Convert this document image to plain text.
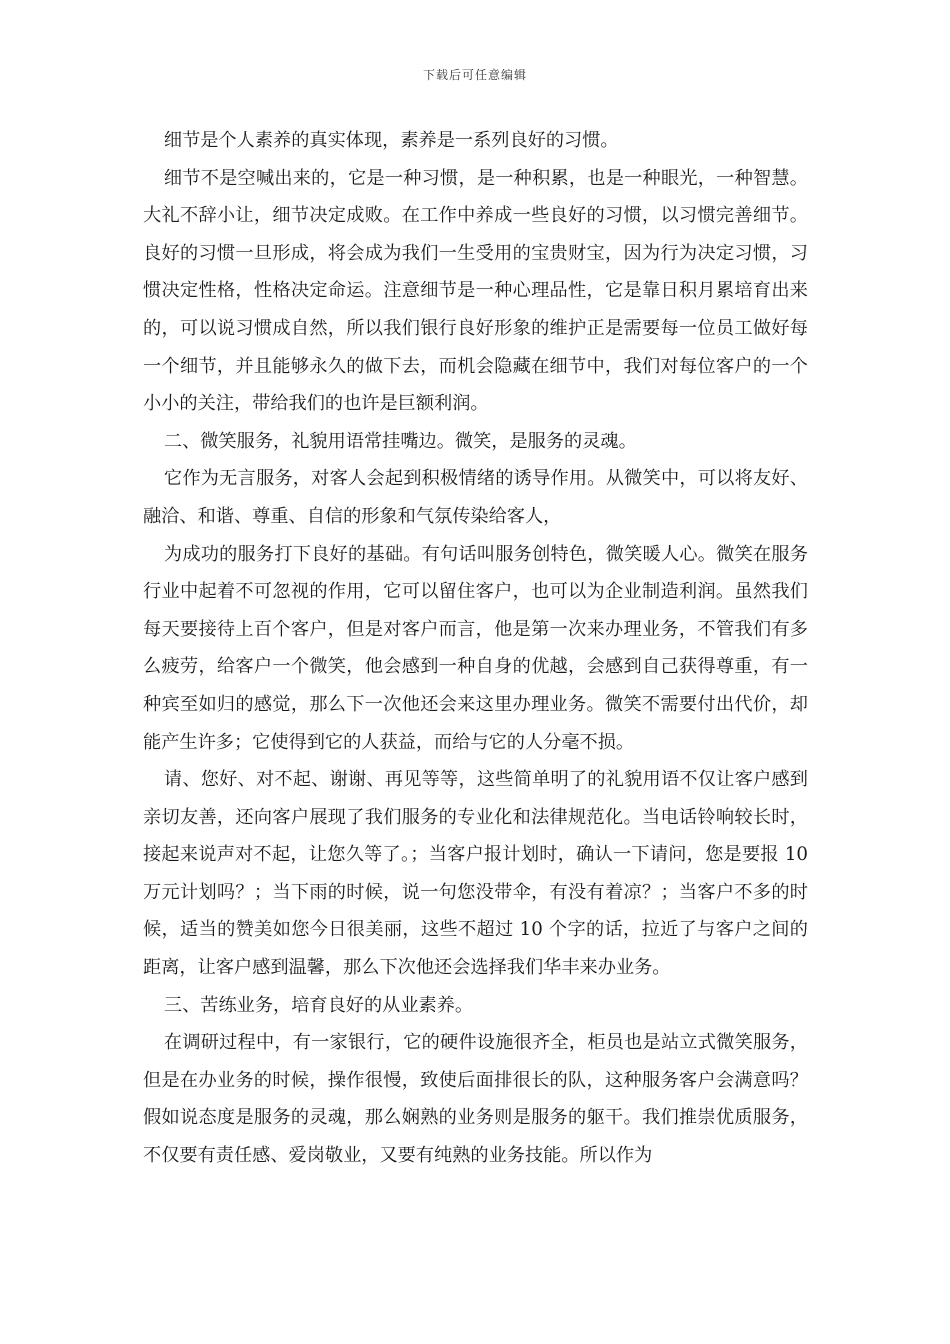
下载后可任意编辑

细节是个人素养的真实体现，素养是一系列良好的习惯。

细节不是空喊出来的，它是一种习惯，是一种积累，也是一种眼光，一种智慧。大礼不辞小让，细节决定成败。在工作中养成一些良好的习惯，以习惯完善细节。良好的习惯一旦形成，将会成为我们一生受用的宝贵财宝，因为行为决定习惯，习惯决定性格，性格决定命运。注意细节是一种心理品性，它是靠日积月累培育出来的，可以说习惯成自然，所以我们银行良好形象的维护正是需要每一位员工做好每一个细节，并且能够永久的做下去，而机会隐藏在细节中，我们对每位客户的一个小小的关注，带给我们的也许是巨额利润。

二、微笑服务，礼貌用语常挂嘴边。微笑，是服务的灵魂。

它作为无言服务，对客人会起到积极情绪的诱导作用。从微笑中，可以将友好、融洽、和谐、尊重、自信的形象和气氛传染给客人，

为成功的服务打下良好的基础。有句话叫服务创特色，微笑暖人心。微笑在服务行业中起着不可忽视的作用，它可以留住客户，也可以为企业制造利润。虽然我们每天要接待上百个客户，但是对客户而言，他是第一次来办理业务，不管我们有多么疲劳，给客户一个微笑，他会感到一种自身的优越，会感到自己获得尊重，有一种宾至如归的感觉，那么下一次他还会来这里办理业务。微笑不需要付出代价，却能产生许多；它使得到它的人获益，而给与它的人分毫不损。

请、您好、对不起、谢谢、再见等等，这些简单明了的礼貌用语不仅让客户感到亲切友善，还向客户展现了我们服务的专业化和法律规范化。当电话铃响较长时，接起来说声对不起，让您久等了。；当客户报计划时，确认一下请问，您是要报 10 万元计划吗？；当下雨的时候，说一句您没带伞，有没有着凉？；当客户不多的时候，适当的赞美如您今日很美丽，这些不超过 10 个字的话，拉近了与客户之间的距离，让客户感到温馨，那么下次他还会选择我们华丰来办业务。

三、苦练业务，培育良好的从业素养。

在调研过程中，有一家银行，它的硬件设施很齐全，柜员也是站立式微笑服务，但是在办业务的时候，操作很慢，致使后面排很长的队，这种服务客户会满意吗？假如说态度是服务的灵魂，那么娴熟的业务则是服务的躯干。我们推崇优质服务，不仅要有责任感、爱岗敬业，又要有纯熟的业务技能。所以作为
